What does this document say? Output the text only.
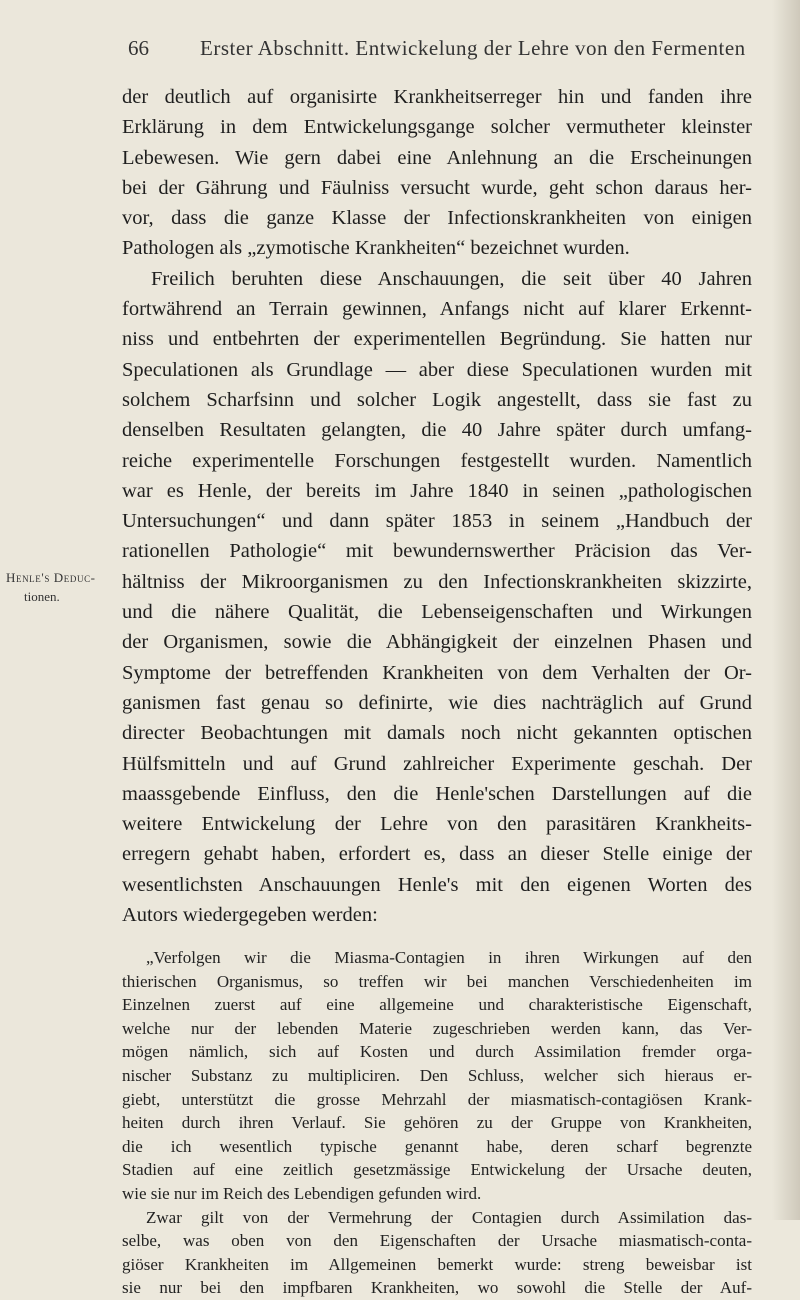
66 Erster Abschnitt. Entwickelung der Lehre von den Fermenten
Henle's Deduc-
tionen.
der deutlich auf organisirte Krankheitserreger hin und fanden ihre
Erklärung in dem Entwickelungsgange solcher vermutheter kleinster
Lebewesen. Wie gern dabei eine Anlehnung an die Erscheinungen
bei der Gährung und Fäulniss versucht wurde, geht schon daraus her-
vor, dass die ganze Klasse der Infectionskrankheiten von einigen
Pathologen als „zymotische Krankheiten“ bezeichnet wurden.
Freilich beruhten diese Anschauungen, die seit über 40 Jahren
fortwährend an Terrain gewinnen, Anfangs nicht auf klarer Erkennt-
niss und entbehrten der experimentellen Begründung. Sie hatten nur
Speculationen als Grundlage — aber diese Speculationen wurden mit
solchem Scharfsinn und solcher Logik angestellt, dass sie fast zu
denselben Resultaten gelangten, die 40 Jahre später durch umfang-
reiche experimentelle Forschungen festgestellt wurden. Namentlich
war es Henle, der bereits im Jahre 1840 in seinen „pathologischen
Untersuchungen“ und dann später 1853 in seinem „Handbuch der
rationellen Pathologie“ mit bewundernswerther Präcision das Ver-
hältniss der Mikroorganismen zu den Infectionskrankheiten skizzirte,
und die nähere Qualität, die Lebenseigenschaften und Wirkungen
der Organismen, sowie die Abhängigkeit der einzelnen Phasen und
Symptome der betreffenden Krankheiten von dem Verhalten der Or-
ganismen fast genau so definirte, wie dies nachträglich auf Grund
directer Beobachtungen mit damals noch nicht gekannten optischen
Hülfsmitteln und auf Grund zahlreicher Experimente geschah. Der
maassgebende Einfluss, den die Henle'schen Darstellungen auf die
weitere Entwickelung der Lehre von den parasitären Krankheits-
erregern gehabt haben, erfordert es, dass an dieser Stelle einige der
wesentlichsten Anschauungen Henle's mit den eigenen Worten des
Autors wiedergegeben werden:
„Verfolgen wir die Miasma-Contagien in ihren Wirkungen auf den
thierischen Organismus, so treffen wir bei manchen Verschiedenheiten im
Einzelnen zuerst auf eine allgemeine und charakteristische Eigenschaft,
welche nur der lebenden Materie zugeschrieben werden kann, das Ver-
mögen nämlich, sich auf Kosten und durch Assimilation fremder orga-
nischer Substanz zu multipliciren. Den Schluss, welcher sich hieraus er-
giebt, unterstützt die grosse Mehrzahl der miasmatisch-contagiösen Krank-
heiten durch ihren Verlauf. Sie gehören zu der Gruppe von Krankheiten,
die ich wesentlich typische genannt habe, deren scharf begrenzte
Stadien auf eine zeitlich gesetzmässige Entwickelung der Ursache deuten,
wie sie nur im Reich des Lebendigen gefunden wird.
Zwar gilt von der Vermehrung der Contagien durch Assimilation das-
selbe, was oben von den Eigenschaften der Ursache miasmatisch-conta-
giöser Krankheiten im Allgemeinen bemerkt wurde: streng beweisbar ist
sie nur bei den impfbaren Krankheiten, wo sowohl die Stelle der Auf-
